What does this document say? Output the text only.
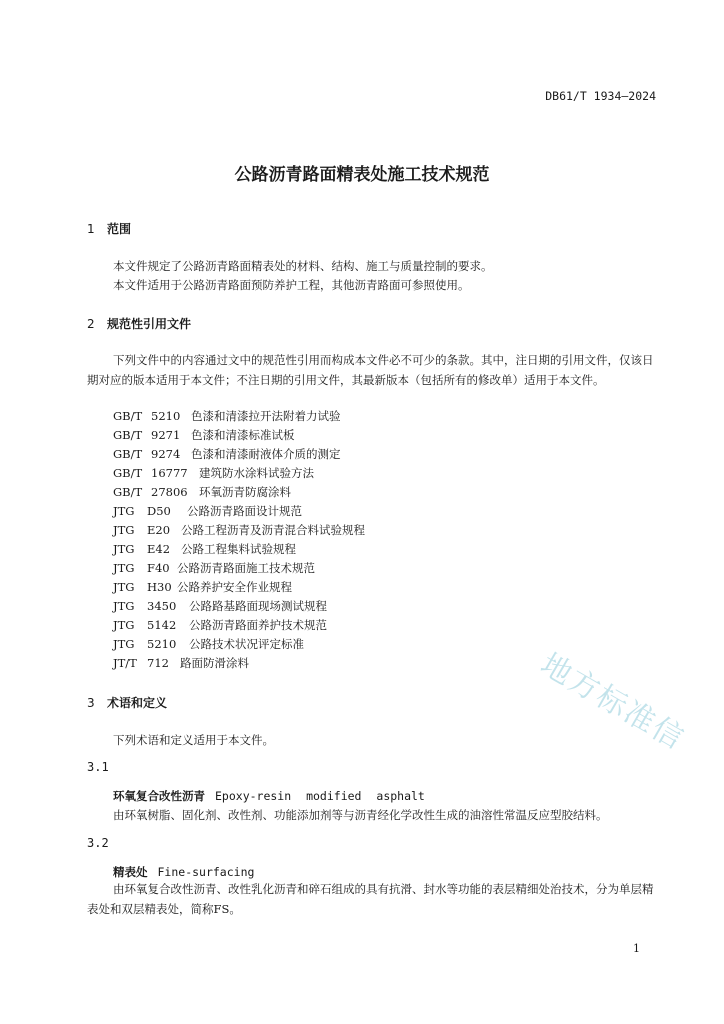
DB61/T 1934—2024
公路沥青路面精表处施工技术规范
1 范围
本文件规定了公路沥青路面精表处的材料、结构、施工与质量控制的要求。
本文件适用于公路沥青路面预防养护工程，其他沥青路面可参照使用。
2 规范性引用文件
下列文件中的内容通过文中的规范性引用而构成本文件必不可少的条款。其中，注日期的引用文件，仅该日期对应的版本适用于本文件；不注日期的引用文件，其最新版本（包括所有的修改单）适用于本文件。
GB/T 5210 色漆和清漆拉开法附着力试验
GB/T 9271 色漆和清漆标准试板
GB/T 9274 色漆和清漆耐液体介质的测定
GB/T 16777 建筑防水涂料试验方法
GB/T 27806 环氧沥青防腐涂料
JTG D50 公路沥青路面设计规范
JTG E20 公路工程沥青及沥青混合料试验规程
JTG E42 公路工程集料试验规程
JTG F40 公路沥青路面施工技术规范
JTG H30 公路养护安全作业规程
JTG 3450 公路路基路面现场测试规程
JTG 5142 公路沥青路面养护技术规范
JTG 5210 公路技术状况评定标准
JT/T 712 路面防滑涂料
3 术语和定义
下列术语和定义适用于本文件。
3.1
环氧复合改性沥青 Epoxy-resin modified asphalt
由环氧树脂、固化剂、改性剂、功能添加剂等与沥青经化学改性生成的油溶性常温反应型胶结料。
3.2
精表处 Fine-surfacing
由环氧复合改性沥青、改性乳化沥青和碎石组成的具有抗滑、封水等功能的表层精细处治技术，分为单层精表处和双层精表处，简称FS。
1
地方标准信
